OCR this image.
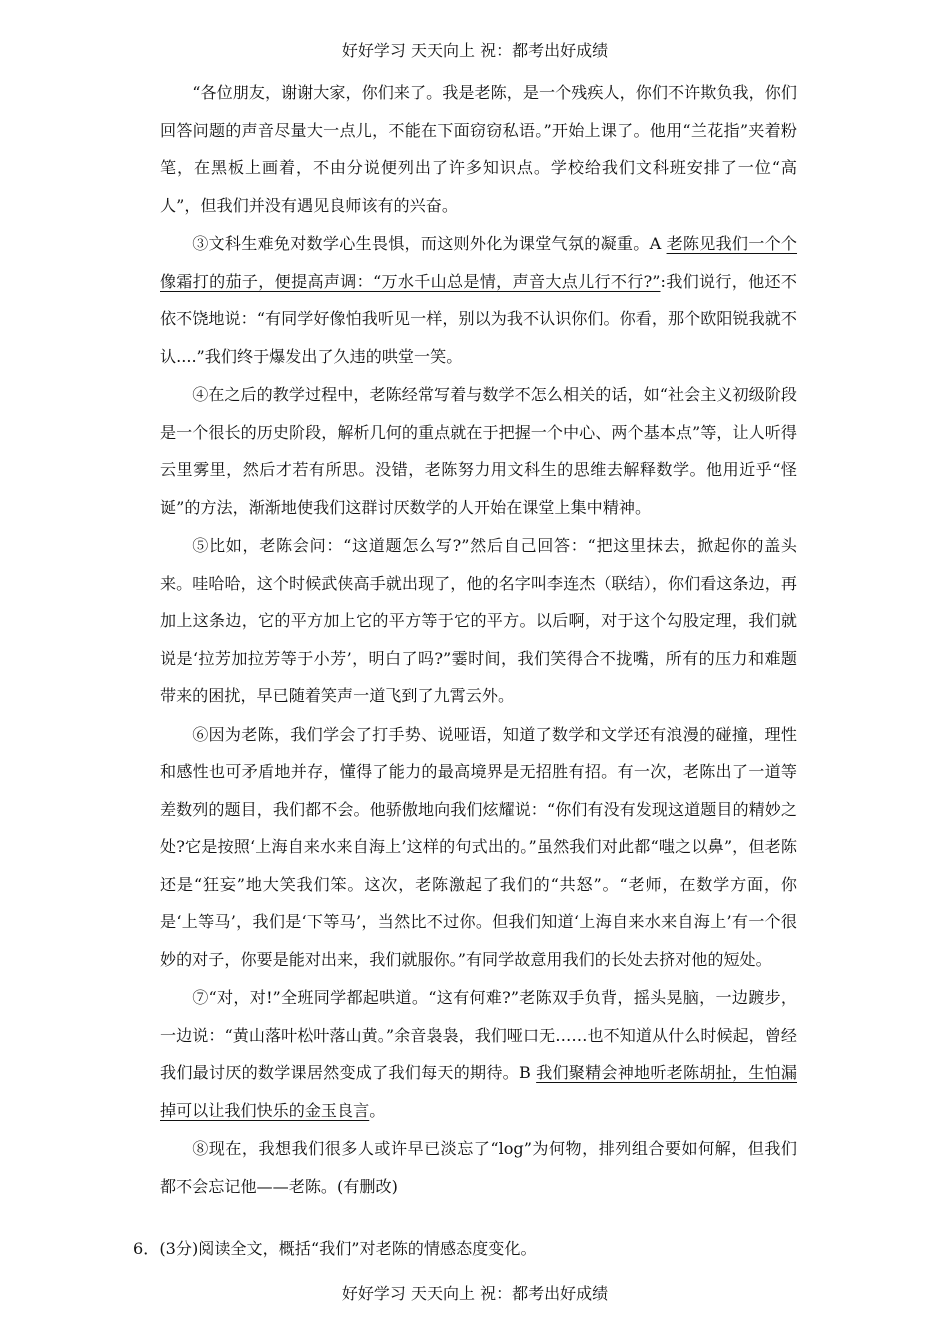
好好学习 天天向上 祝：都考出好成绩

“各位朋友，谢谢大家，你们来了。我是老陈，是一个残疾人，你们不许欺负我，你们回答问题的声音尽量大一点儿，不能在下面窃窃私语。”开始上课了。他用“兰花指”夹着粉笔，在黑板上画着，不由分说便列出了许多知识点。学校给我们文科班安排了一位“高人”，但我们并没有遇见良师该有的兴奋。

③文科生难免对数学心生畏惧，而这则外化为课堂气氛的凝重。A 老陈见我们一个个像霜打的茄子，便提高声调：“万水千山总是情，声音大点儿行不行?”:我们说行，他还不依不饶地说：“有同学好像怕我听见一样，别以为我不认识你们。你看，那个欧阳锐我就不认....”我们终于爆发出了久违的哄堂一笑。

④在之后的教学过程中，老陈经常写着与数学不怎么相关的话，如“社会主义初级阶段是一个很长的历史阶段，解析几何的重点就在于把握一个中心、两个基本点”等，让人听得云里雾里，然后才若有所思。没错，老陈努力用文科生的思维去解释数学。他用近乎“怪诞”的方法，渐渐地使我们这群讨厌数学的人开始在课堂上集中精神。

⑤比如，老陈会问：“这道题怎么写?”然后自己回答：“把这里抹去，掀起你的盖头来。哇哈哈，这个时候武侠高手就出现了，他的名字叫李连杰（联结），你们看这条边，再加上这条边，它的平方加上它的平方等于它的平方。以后啊，对于这个勾股定理，我们就说是‘拉芳加拉芳等于小芳’，明白了吗?”霎时间，我们笑得合不拢嘴，所有的压力和难题带来的困扰，早已随着笑声一道飞到了九霄云外。

⑥因为老陈，我们学会了打手势、说哑语，知道了数学和文学还有浪漫的碰撞，理性和感性也可矛盾地并存，懂得了能力的最高境界是无招胜有招。有一次，老陈出了一道等差数列的题目，我们都不会。他骄傲地向我们炫耀说：“你们有没有发现这道题目的精妙之处?它是按照‘上海自来水来自海上’这样的句式出的。”虽然我们对此都“嗤之以鼻”，但老陈还是“狂妄”地大笑我们笨。这次，老陈激起了我们的“共怒”。“老师，在数学方面，你是‘上等马’，我们是‘下等马’，当然比不过你。但我们知道‘上海自来水来自海上’有一个很妙的对子，你要是能对出来，我们就服你。”有同学故意用我们的长处去挤对他的短处。

⑦“对，对!”全班同学都起哄道。“这有何难?”老陈双手负背，摇头晃脑，一边踱步，一边说：“黄山落叶松叶落山黄。”余音袅袅，我们哑口无……也不知道从什么时候起，曾经我们最讨厌的数学课居然变成了我们每天的期待。B 我们聚精会神地听老陈胡扯，生怕漏掉可以让我们快乐的金玉良言。

⑧现在，我想我们很多人或许早已淡忘了“log”为何物，排列组合要如何解，但我们都不会忘记他——老陈。(有删改)

6．(3分)阅读全文，概括“我们”对老陈的情感态度变化。
好好学习 天天向上 祝：都考出好成绩
